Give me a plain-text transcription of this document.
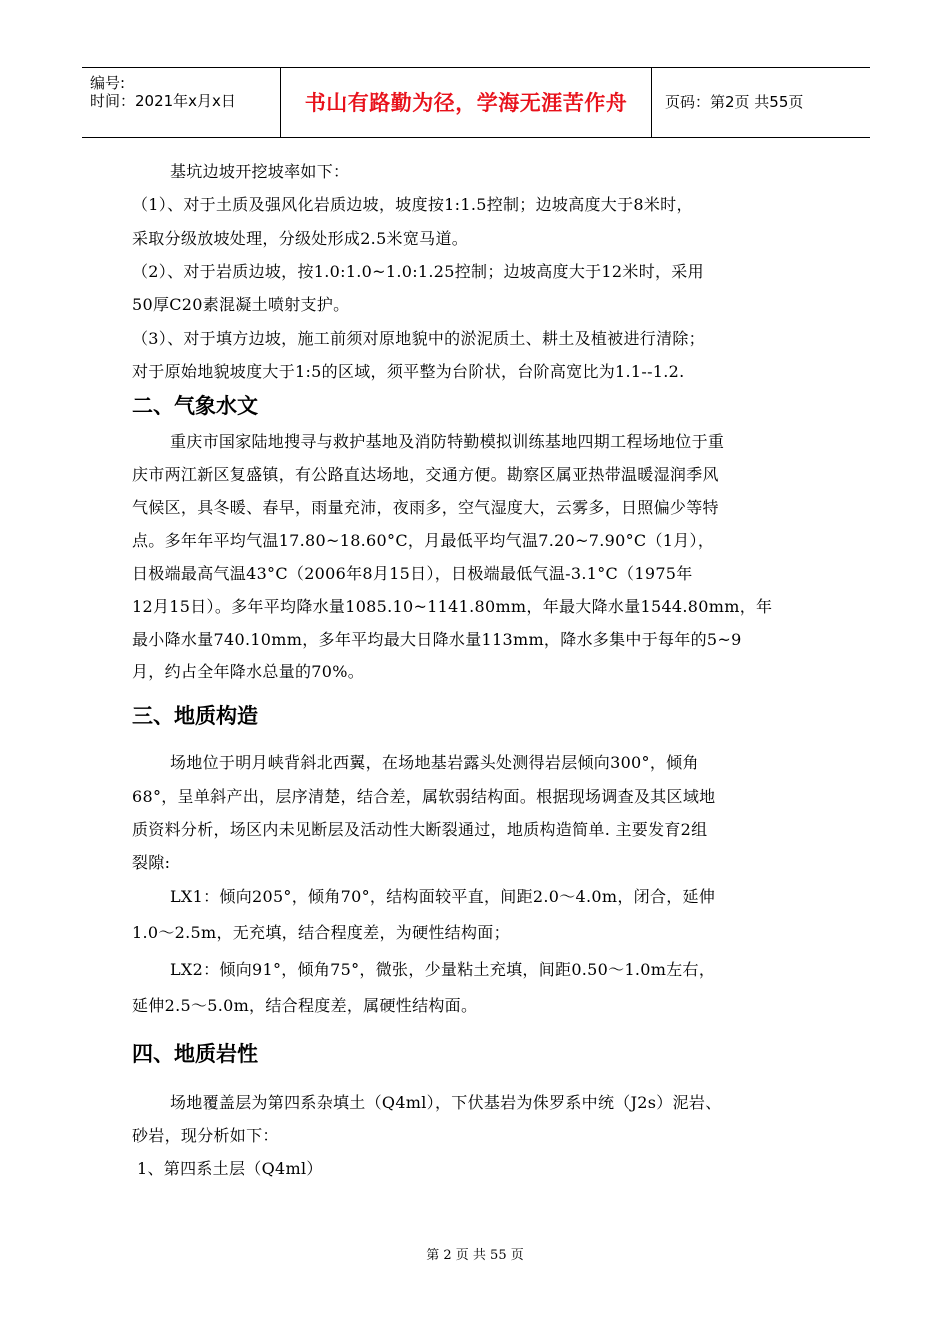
编号:
时间：2021年x月x日	书山有路勤为径，学海无涯苦作舟	页码：第2页 共55页
基坑边坡开挖坡率如下：
（1）、对于土质及强风化岩质边坡，坡度按1:1.5控制；边坡高度大于8米时，
采取分级放坡处理，分级处形成2.5米宽马道。
（2）、对于岩质边坡，按1.0:1.0~1.0:1.25控制；边坡高度大于12米时，采用
50厚C20素混凝土喷射支护。
（3）、对于填方边坡，施工前须对原地貌中的淤泥质土、耕土及植被进行清除；
对于原始地貌坡度大于1:5的区域，须平整为台阶状，台阶高宽比为1.1--1.2.
二、气象水文
重庆市国家陆地搜寻与救护基地及消防特勤模拟训练基地四期工程场地位于重
庆市两江新区复盛镇，有公路直达场地，交通方便。勘察区属亚热带温暖湿润季风
气候区，具冬暖、春早，雨量充沛，夜雨多，空气湿度大，云雾多，日照偏少等特
点。多年年平均气温17.80~18.60°C，月最低平均气温7.20~7.90°C（1月），
日极端最高气温43°C（2006年8月15日），日极端最低气温-3.1°C（1975年
12月15日）。多年平均降水量1085.10~1141.80mm，年最大降水量1544.80mm，年
最小降水量740.10mm，多年平均最大日降水量113mm，降水多集中于每年的5~9
月，约占全年降水总量的70%。
三、地质构造
场地位于明月峡背斜北西翼，在场地基岩露头处测得岩层倾向300°，倾角
68°，呈单斜产出，层序清楚，结合差，属软弱结构面。根据现场调查及其区域地
质资料分析，场区内未见断层及活动性大断裂通过，地质构造简单. 主要发育2组
裂隙:
LX1：倾向205°，倾角70°，结构面较平直，间距2.0～4.0m，闭合，延伸
1.0～2.5m，无充填，结合程度差，为硬性结构面；
LX2：倾向91°，倾角75°，微张，少量粘土充填，间距0.50～1.0m左右，
延伸2.5～5.0m，结合程度差，属硬性结构面。
四、地质岩性
场地覆盖层为第四系杂填土（Q4ml），下伏基岩为侏罗系中统（J2s）泥岩、
砂岩，现分析如下：
1、第四系土层（Q4ml）
第 2 页 共 55 页
